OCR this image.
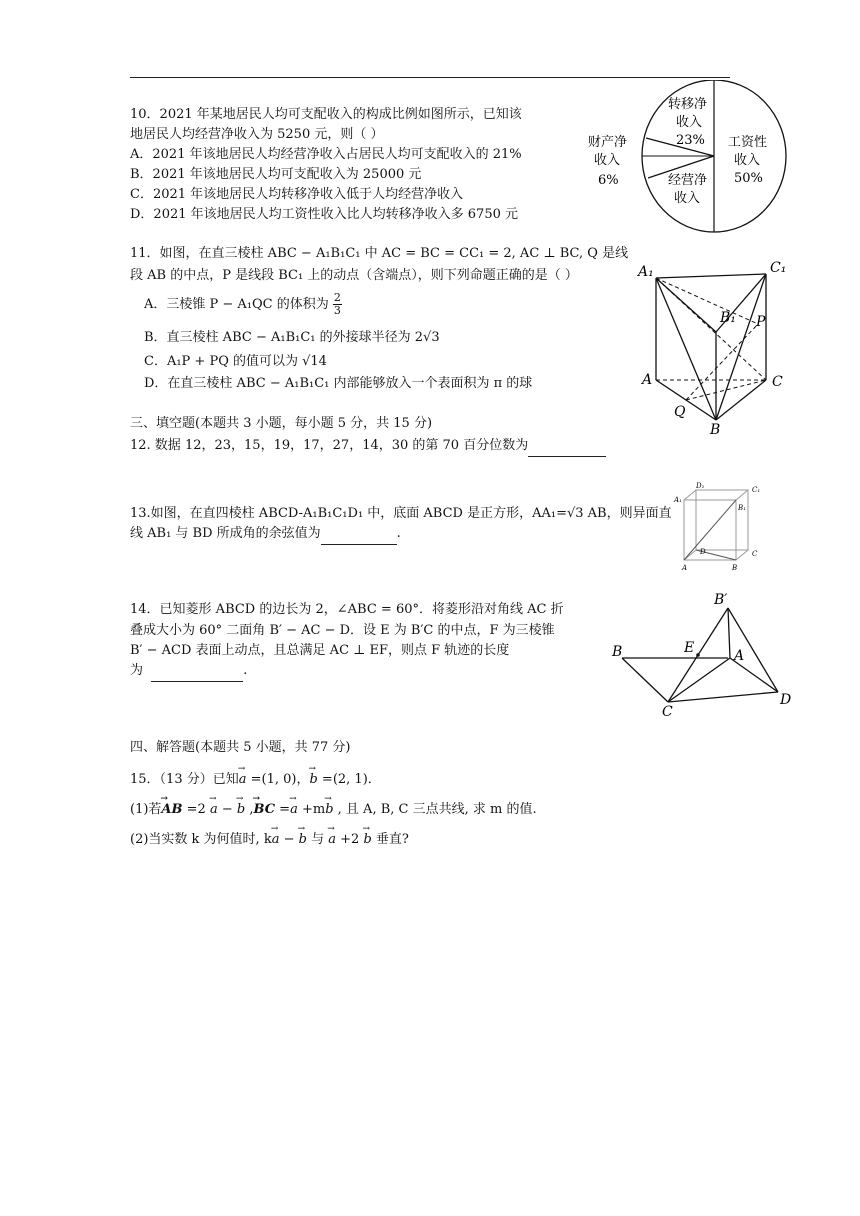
10．2021 年某地居民人均可支配收入的构成比例如图所示，已知该
地居民人均经营净收入为 5250 元，则（ ）
A．2021 年该地居民人均经营净收入占居民人均可支配收入的 21%
B．2021 年该地居民人均可支配收入为 25000 元
C．2021 年该地居民人均转移净收入低于人均经营净收入
D．2021 年该地居民人均工资性收入比人均转移净收入多 6750 元
转移净
收入
23% 工资性
收入
50%
财产净
收入
6%	经营净
收入
11．如图，在直三棱柱 ABC − A₁B₁C₁ 中 AC = BC = CC₁ = 2, AC ⊥ BC, Q 是线
段 AB 的中点，P 是线段 BC₁ 上的动点（含端点），则下列命题正确的是（ ）
A．三棱锥 P − A₁QC 的体积为 $\frac{2}{3}$
B．直三棱柱 ABC − A₁B₁C₁ 的外接球半径为 2√3
C．A₁P + PQ 的值可以为 √14
D．在直三棱柱 ABC − A₁B₁C₁ 内部能够放入一个表面积为 π 的球
A₁	C₁
B₁ P
A	C
Q
B
三、填空题(本题共 3 小题，每小题 5 分，共 15 分)
12. 数据 12，23，15，19，17，27，14，30 的第 70 百分位数为
13.如图，在直四棱柱 ABCD-A₁B₁C₁D₁ 中，底面 ABCD 是正方形，AA₁=√3 AB，则异面直
线 AB₁ 与 BD 所成角的余弦值为	.
A₁
D₁	C₁
B₁
D	C
A	B
14．已知菱形 ABCD 的边长为 2，∠ABC = 60°．将菱形沿对角线 AC 折
叠成大小为 60° 二面角 B′ − AC − D．设 E 为 B′C 的中点，F 为三棱锥
B′ − ACD 表面上动点，且总满足 AC ⊥ EF，则点 F 轨迹的长度
为	.
B′
B	E	A
C
D
四、解答题(本题共 5 小题，共 77 分)
15．（13 分）已知→ a =(1, 0)，→ b =(2, 1)．
(1)若→ AB =2 → a − → b ,→ BC =→ a +m→ b , 且 A, B, C 三点共线, 求 m 的值.
(2)当实数 k 为何值时, k→ a − → b 与 → a +2 → b 垂直?
